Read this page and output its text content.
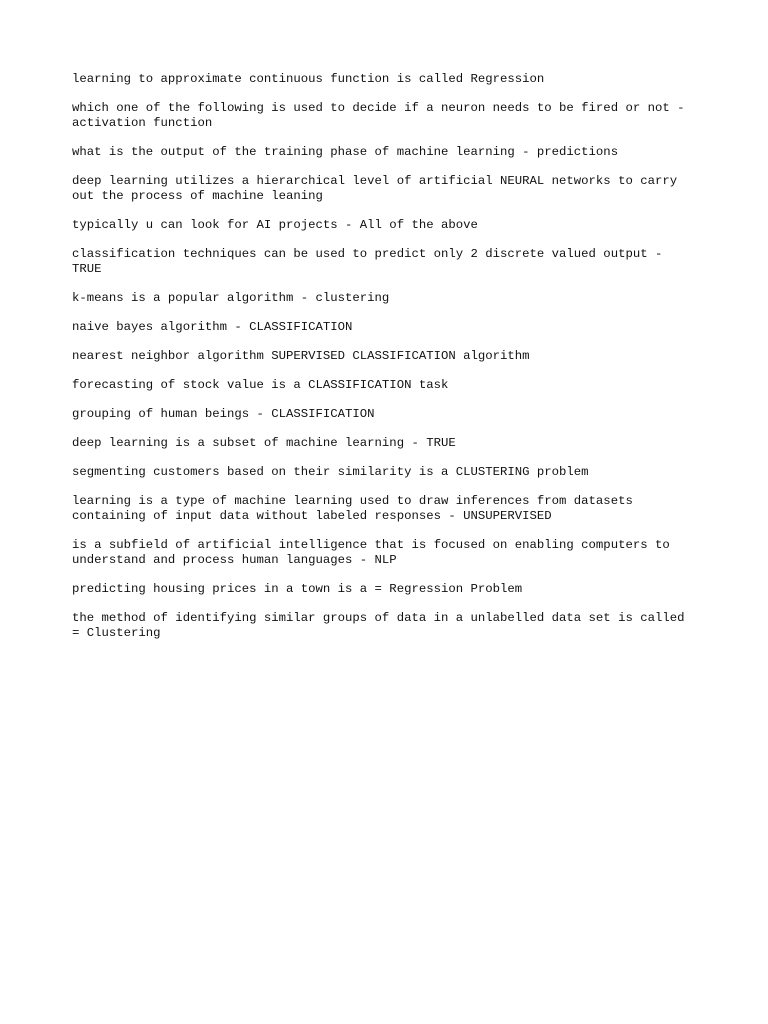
learning to approximate continuous function is called Regression

which one of the following is used to decide if a neuron needs to be fired or not -
activation function

what is the output of the training phase of machine learning - predictions

deep learning utilizes a hierarchical level of artificial NEURAL networks to carry
out the process of machine leaning

typically u can look for AI projects - All of the above

classification techniques can be used to predict only 2 discrete valued output -
TRUE

k-means is a popular algorithm - clustering

naive bayes algorithm - CLASSIFICATION

nearest neighbor algorithm SUPERVISED CLASSIFICATION algorithm

forecasting of stock value is a CLASSIFICATION task

grouping of human beings - CLASSIFICATION

deep learning is a subset of machine learning - TRUE

segmenting customers based on their similarity is a CLUSTERING problem

learning is a type of machine learning used to draw inferences from datasets
containing of input data without labeled responses - UNSUPERVISED

is a subfield of artificial intelligence that is focused on enabling computers to
understand and process human languages - NLP

predicting housing prices in a town is a = Regression Problem

the method of identifying similar groups of data in a unlabelled data set is called
= Clustering
